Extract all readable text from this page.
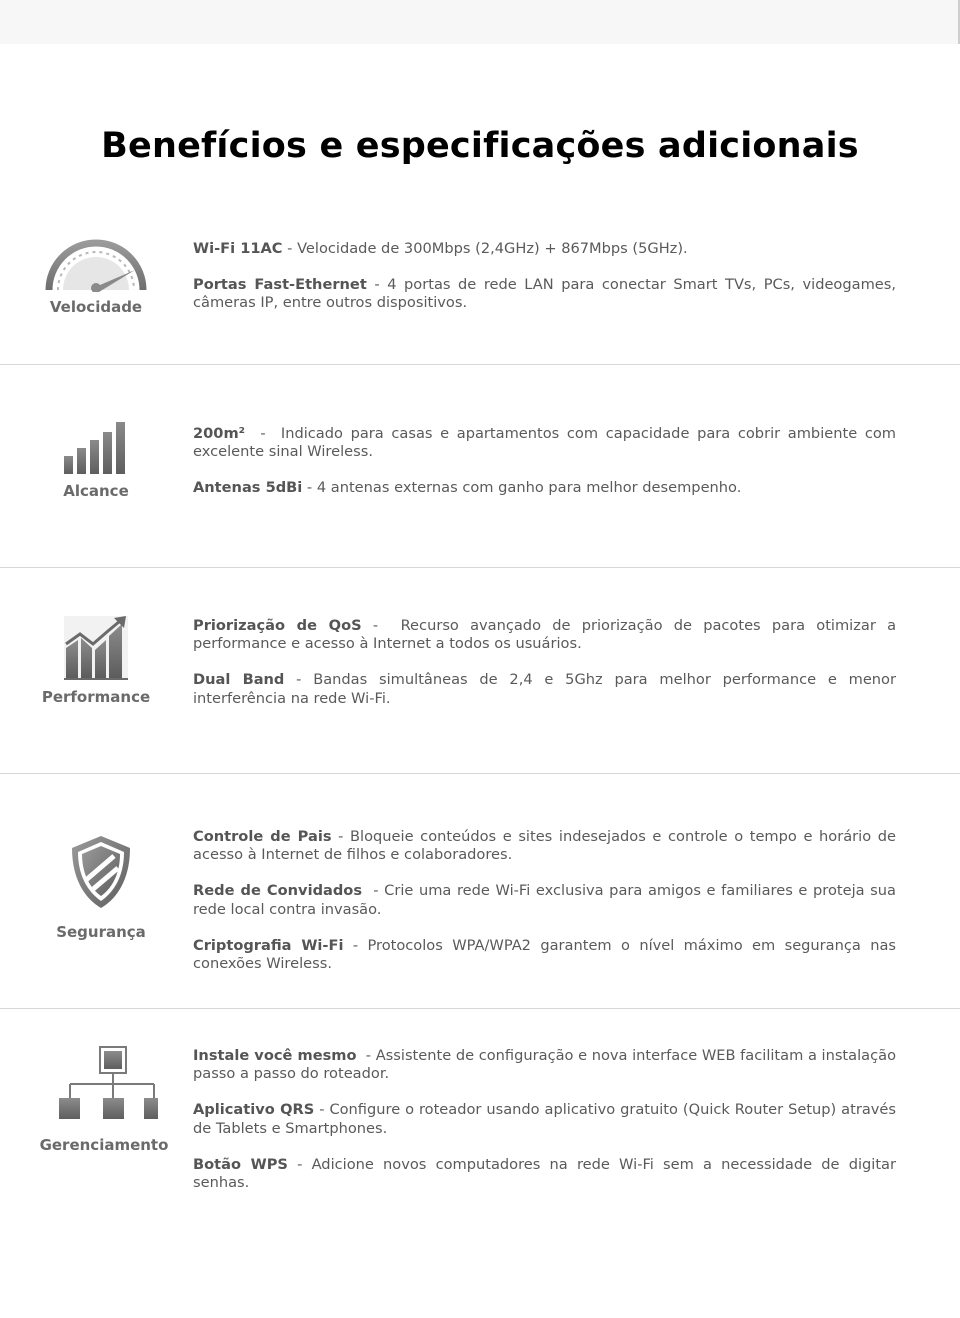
Benefícios e especificações adicionais
Velocidade

Wi-Fi 11AC - Velocidade de 300Mbps (2,4GHz) + 867Mbps (5GHz).

Portas Fast-Ethernet - 4 portas de rede LAN para conectar Smart TVs, PCs, videogames, câmeras IP, entre outros dispositivos.

Alcance

200m²  -  Indicado para casas e apartamentos com capacidade para cobrir ambiente com excelente sinal Wireless.

Antenas 5dBi - 4 antenas externas com ganho para melhor desempenho.

Performance

Priorização de QoS -  Recurso avançado de priorização de pacotes para otimizar a performance e acesso à Internet a todos os usuários.

Dual Band - Bandas simultâneas de 2,4 e 5Ghz para melhor performance e menor interferência na rede Wi-Fi.

Segurança

Controle de Pais - Bloqueie conteúdos e sites indesejados e controle o tempo e horário de acesso à Internet de filhos e colaboradores.

Rede de Convidados  - Crie uma rede Wi-Fi exclusiva para amigos e familiares e proteja sua rede local contra invasão.

Criptografia Wi-Fi - Protocolos WPA/WPA2 garantem o nível máximo em segurança nas conexões Wireless.

Gerenciamento

Instale você mesmo  - Assistente de configuração e nova interface WEB facilitam a instalação passo a passo do roteador.

Aplicativo QRS - Configure o roteador usando aplicativo gratuito (Quick Router Setup) através de Tablets e Smartphones.

Botão WPS - Adicione novos computadores na rede Wi-Fi sem a necessidade de digitar senhas.
